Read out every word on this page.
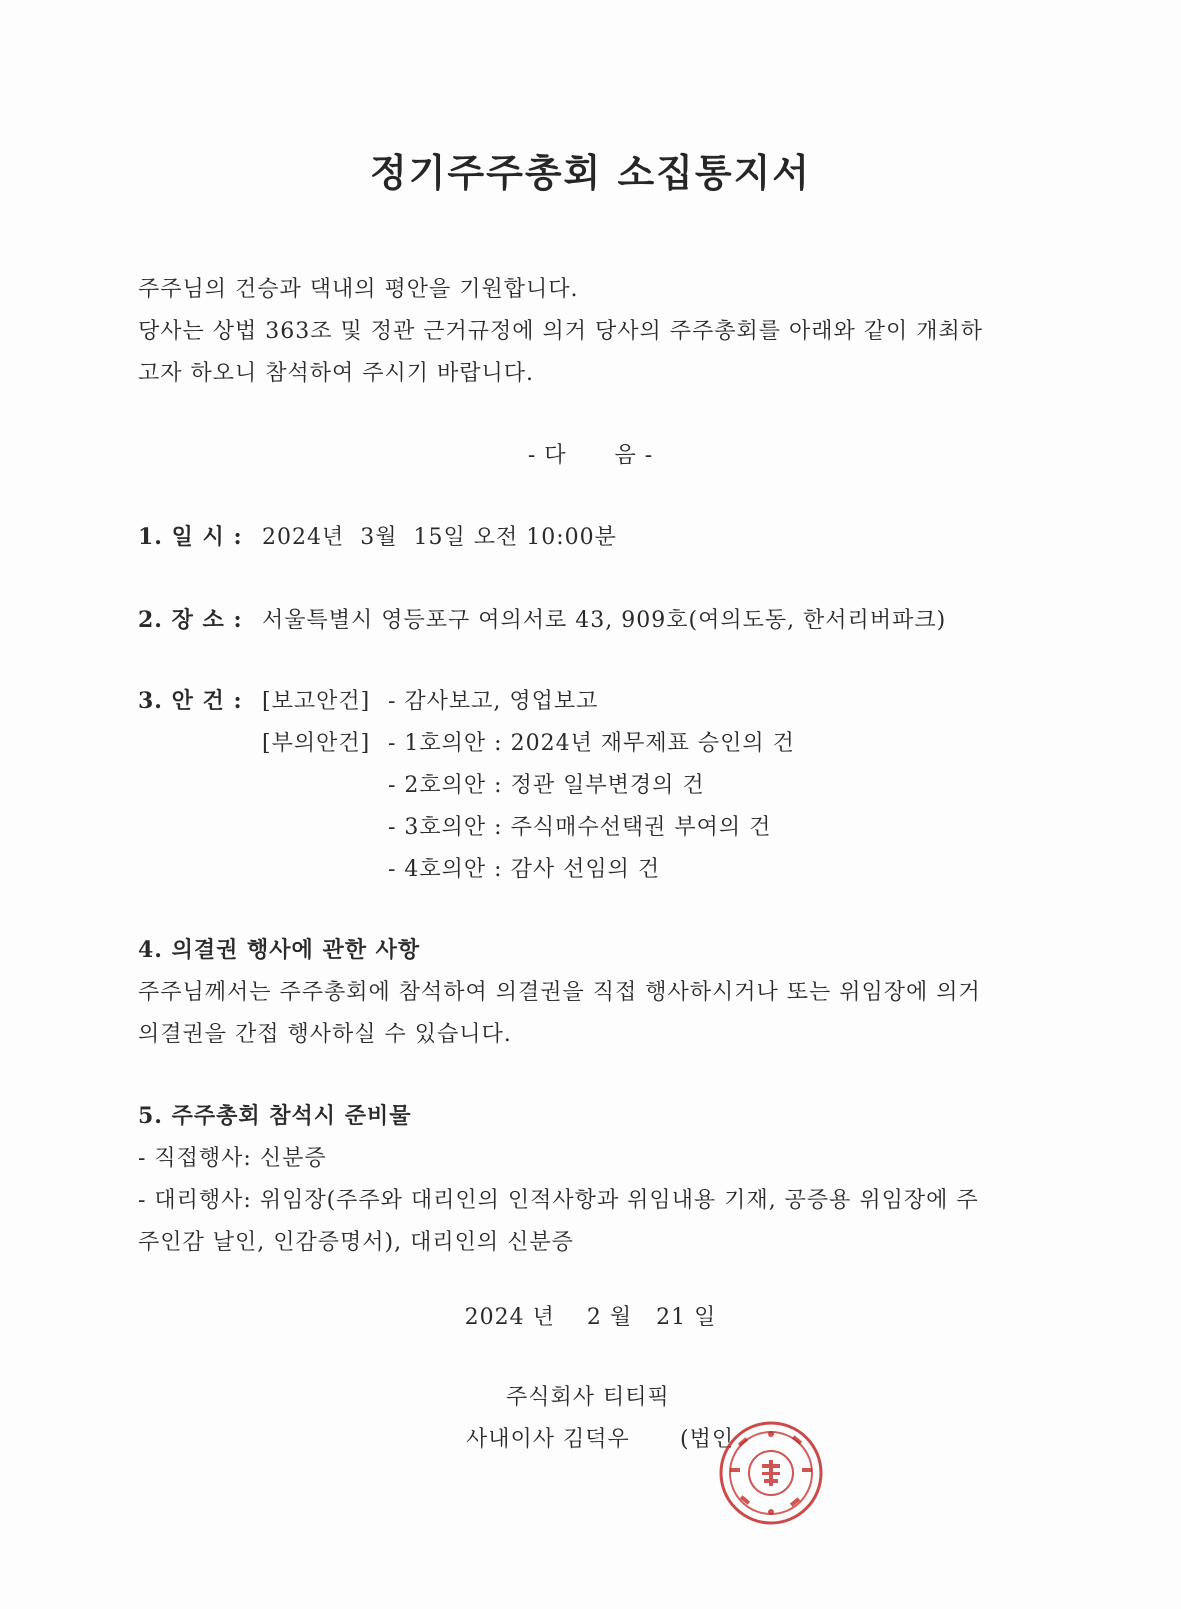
정기주주총회 소집통지서
주주님의 건승과 댁내의 평안을 기원합니다.
당사는 상법 363조 및 정관 근거규정에 의거 당사의 주주총회를 아래와 같이 개최하
고자 하오니 참석하여 주시기 바랍니다.
- 다      음 -
1. 일 시 : 2024년  3월  15일 오전 10:00분
2. 장 소 : 서울특별시 영등포구 여의서로 43, 909호(여의도동, 한서리버파크)
3. 안 건 : [보고안건] - 감사보고, 영업보고
[부의안건] - 1호의안 : 2024년 재무제표 승인의 건
- 2호의안 : 정관 일부변경의 건
- 3호의안 : 주식매수선택권 부여의 건
- 4호의안 : 감사 선임의 건
4. 의결권 행사에 관한 사항
주주님께서는 주주총회에 참석하여 의결권을 직접 행사하시거나 또는 위임장에 의거
의결권을 간접 행사하실 수 있습니다.
5. 주주총회 참석시 준비물
- 직접행사: 신분증
- 대리행사: 위임장(주주와 대리인의 인적사항과 위임내용 기재, 공증용 위임장에 주
주인감 날인, 인감증명서), 대리인의 신분증
2024 년    2 월   21 일
주식회사 티티픽
사내이사 김덕우 (법인
